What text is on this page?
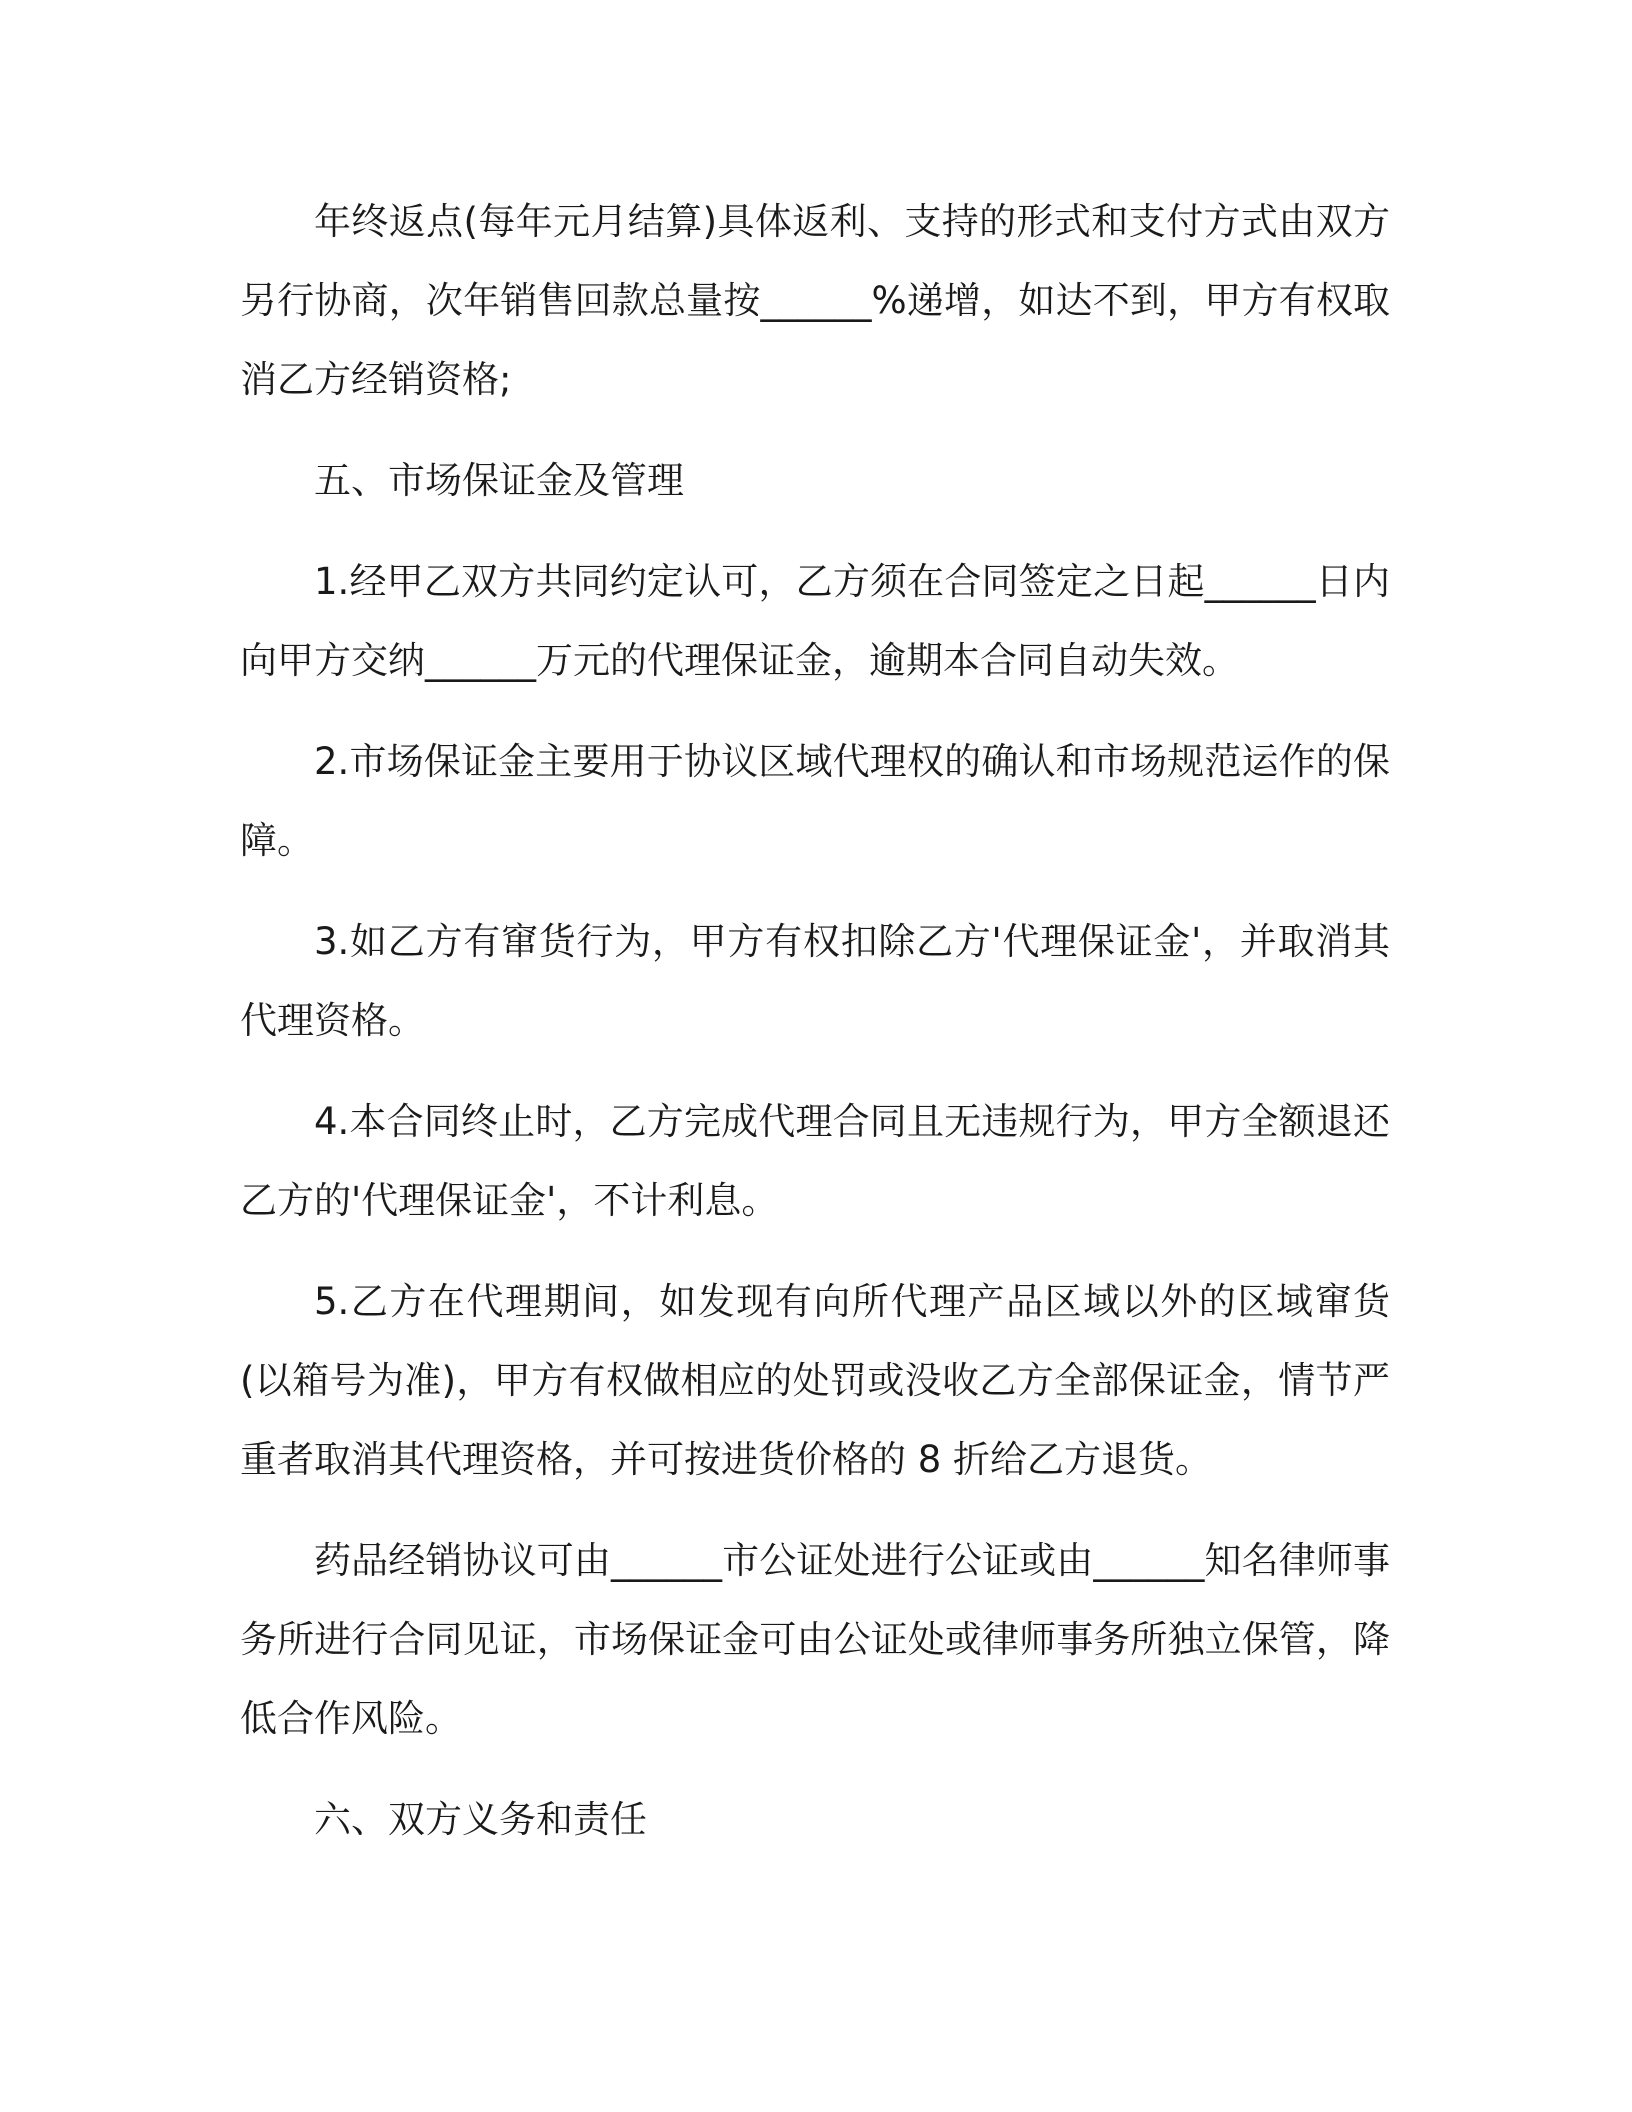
年终返点(每年元月结算)具体返利、支持的形式和支付方式由双方另行协商，次年销售回款总量按______%递增，如达不到，甲方有权取消乙方经销资格;

五、市场保证金及管理

1.经甲乙双方共同约定认可，乙方须在合同签定之日起______日内向甲方交纳______万元的代理保证金，逾期本合同自动失效。

2.市场保证金主要用于协议区域代理权的确认和市场规范运作的保障。

3.如乙方有窜货行为，甲方有权扣除乙方'代理保证金'，并取消其代理资格。

4.本合同终止时，乙方完成代理合同且无违规行为，甲方全额退还乙方的'代理保证金'，不计利息。

5.乙方在代理期间，如发现有向所代理产品区域以外的区域窜货(以箱号为准)，甲方有权做相应的处罚或没收乙方全部保证金，情节严重者取消其代理资格，并可按进货价格的 8 折给乙方退货。

药品经销协议可由______市公证处进行公证或由______知名律师事务所进行合同见证，市场保证金可由公证处或律师事务所独立保管，降低合作风险。

六、双方义务和责任
